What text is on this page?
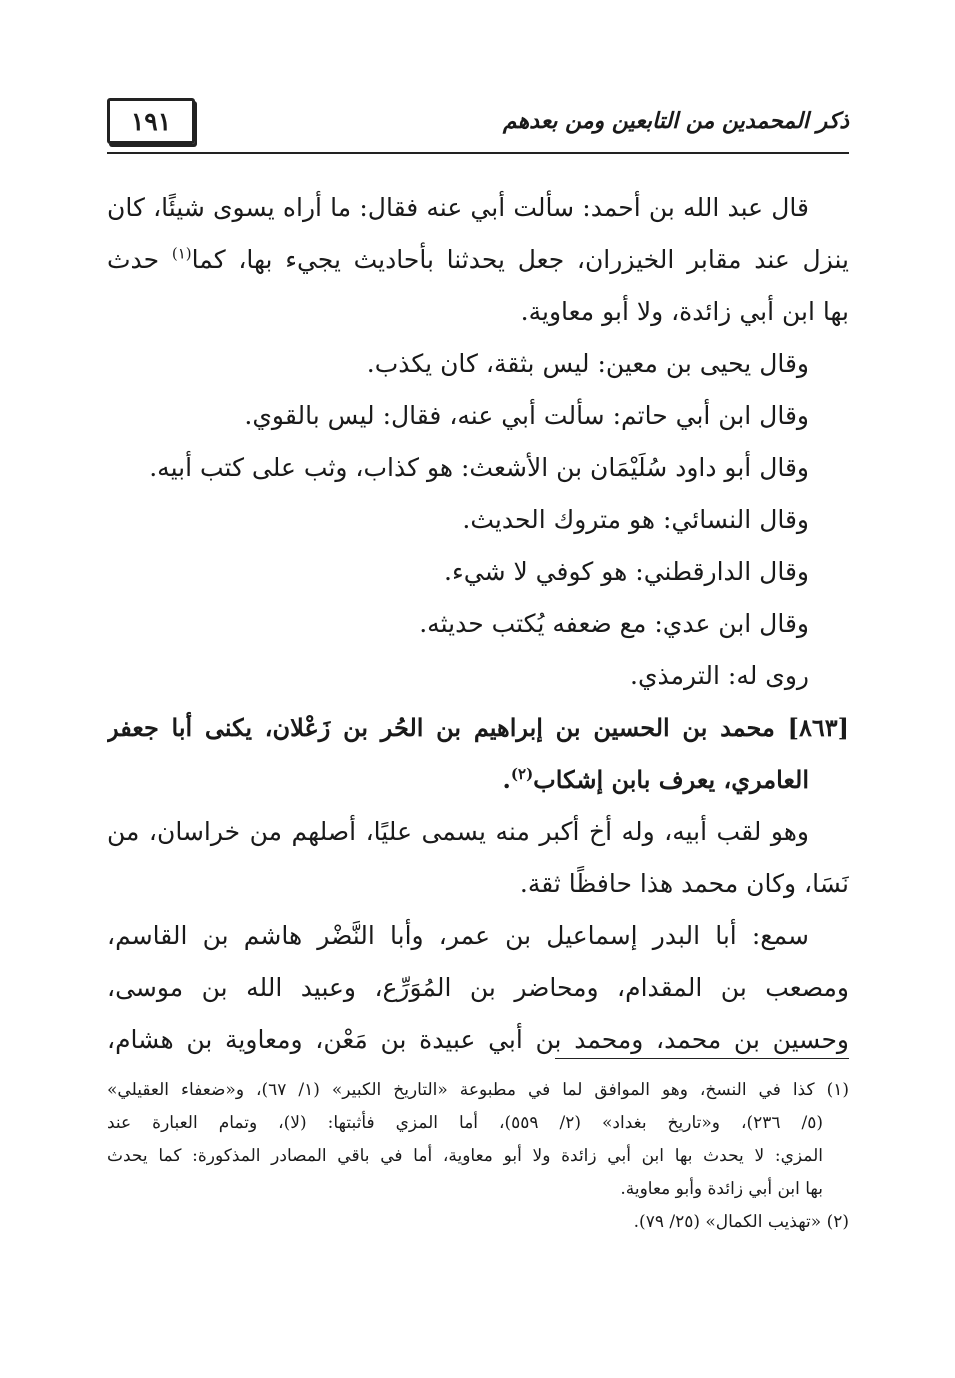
١٩١	ذكر المحمدين من التابعين ومن بعدهم
قال عبد الله بن أحمد: سألت أبي عنه فقال: ما أراه يسوى شيئًا، كان
ينزل عند مقابر الخيزران، جعل يحدثنا بأحاديث يجيء بها، كما$^{(١)}$ حدث
بها ابن أبي زائدة، ولا أبو معاوية.
وقال يحيى بن معين: ليس بثقة، كان يكذب.
وقال ابن أبي حاتم: سألت أبي عنه، فقال: ليس بالقوي.
وقال أبو داود سُلَيْمَان بن الأشعث: هو كذاب، وثب على كتب أبيه.
وقال النسائي: هو متروك الحديث.
وقال الدارقطني: هو كوفي لا شيء.
وقال ابن عدي: مع ضعفه يُكتب حديثه.
روى له: الترمذي.
[٨٦٣] محمد بن الحسين بن إبراهيم بن الحُر بن زَعْلان، يكنى أبا جعفر
العامري، يعرف بابن إشكاب$^{(٢)}$.
وهو لقب أبيه، وله أخ أكبر منه يسمى عليًا، أصلهم من خراسان، من
نَسَا، وكان محمد هذا حافظًا ثقة.
سمع: أبا البدر إسماعيل بن عمر، وأبا النَّضْر هاشم بن القاسم،
ومصعب بن المقدام، ومحاضر بن المُوَرِّع، وعبيد الله بن موسى،
وحسين بن محمد، ومحمد بن أبي عبيدة بن مَعْن، ومعاوية بن هشام،
(١) كذا في النسخ، وهو الموافق لما في مطبوعة «التاريخ الكبير» (١/ ٦٧)، و«ضعفاء العقيلي»
(٥/ ٢٣٦)، و«تاريخ بغداد» (٢/ ٥٥٩)، أما المزي فأثبتها: (لا)، وتمام العبارة عند
المزي: لا يحدث بها ابن أبي زائدة ولا أبو معاوية، أما في باقي المصادر المذكورة: كما يحدث
بها ابن أبي زائدة وأبو معاوية.
(٢) «تهذيب الكمال» (٢٥/ ٧٩).
